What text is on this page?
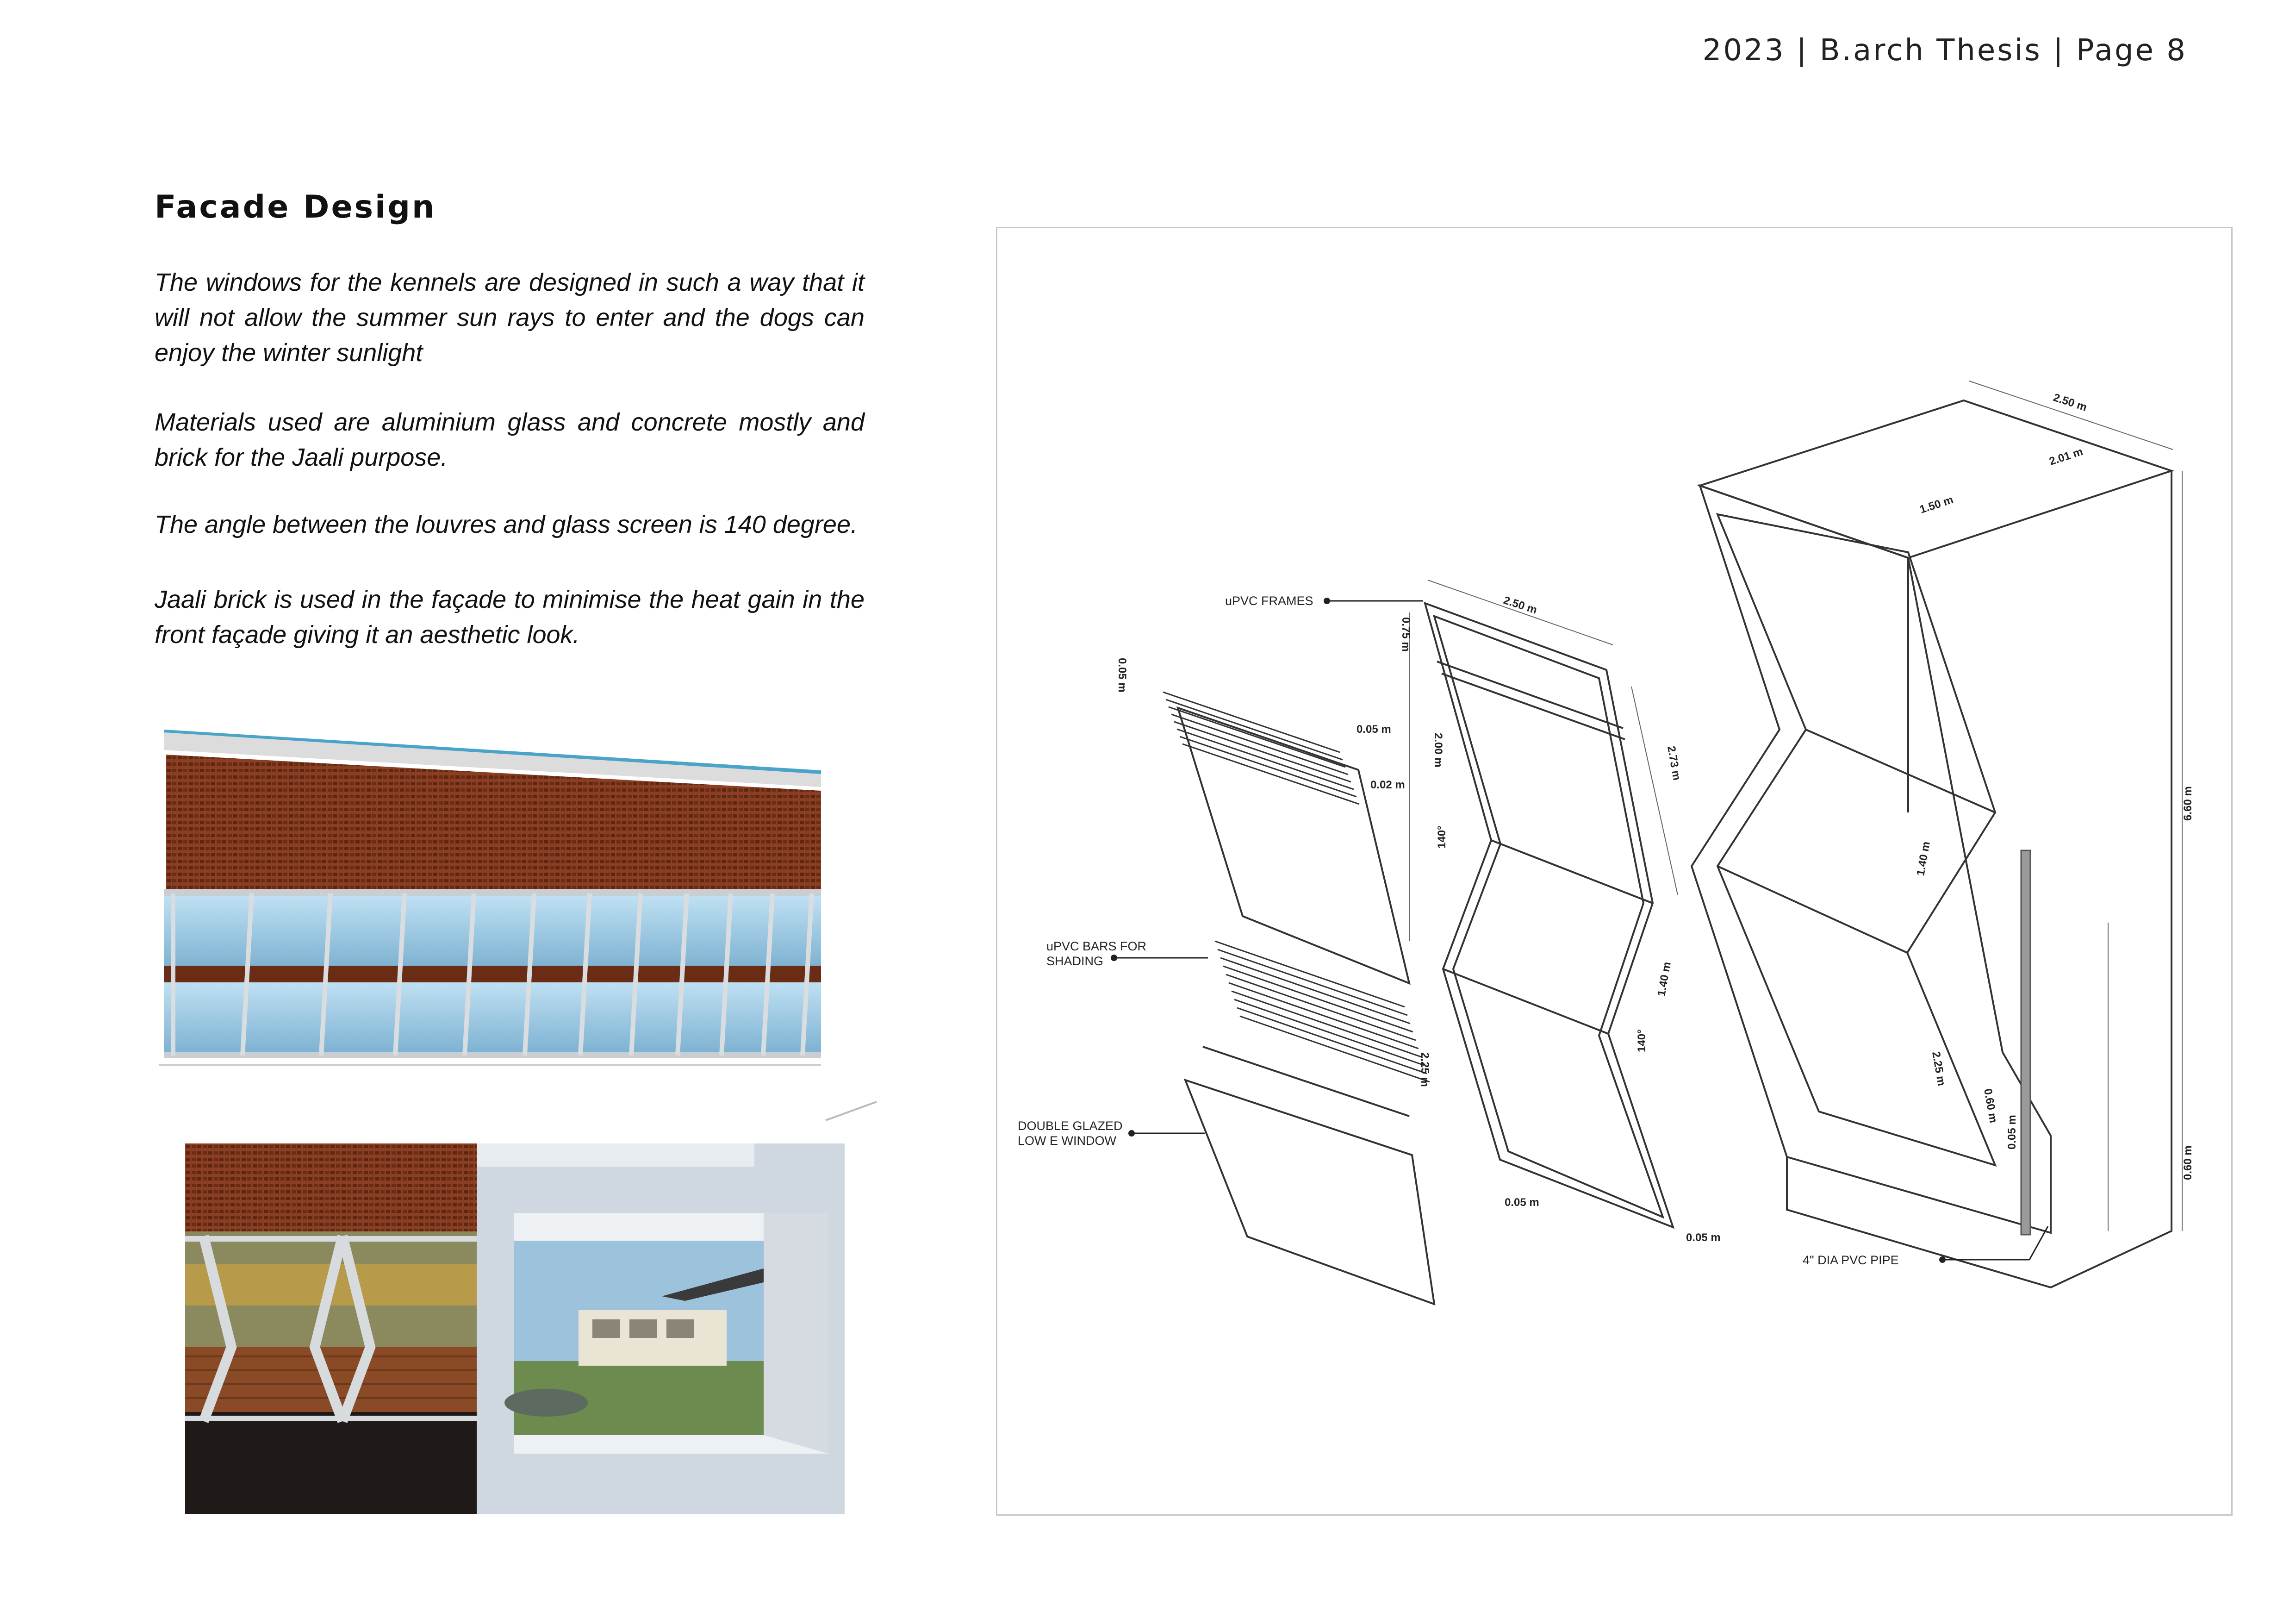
2023 | B.arch Thesis | Page 8
Facade Design
The windows for the kennels are designed in such a way that it will not allow the summer sun rays to enter and the dogs can enjoy the winter sunlight
Materials used are aluminium glass and concrete mostly and brick for the Jaali purpose.
The angle between the louvres and glass screen is 140 degree.
Jaali brick is used in the façade to minimise the heat gain in the front façade giving it an aesthetic look.
uPVC FRAMES
uPVC BARS FOR
SHADING
DOUBLE GLAZED
LOW E WINDOW
4" DIA PVC PIPE
2.50 m
2.01 m
1.50 m
2.50 m
0.75 m
2.00 m	2.73 m
1.40 m
2.25 m
0.05 m
0.05 m
0.02 m
0.05 m
0.05 m
0.05 m
6.60 m
1.40 m
2.25 m
0.60 m
0.60 m
140°
140°
